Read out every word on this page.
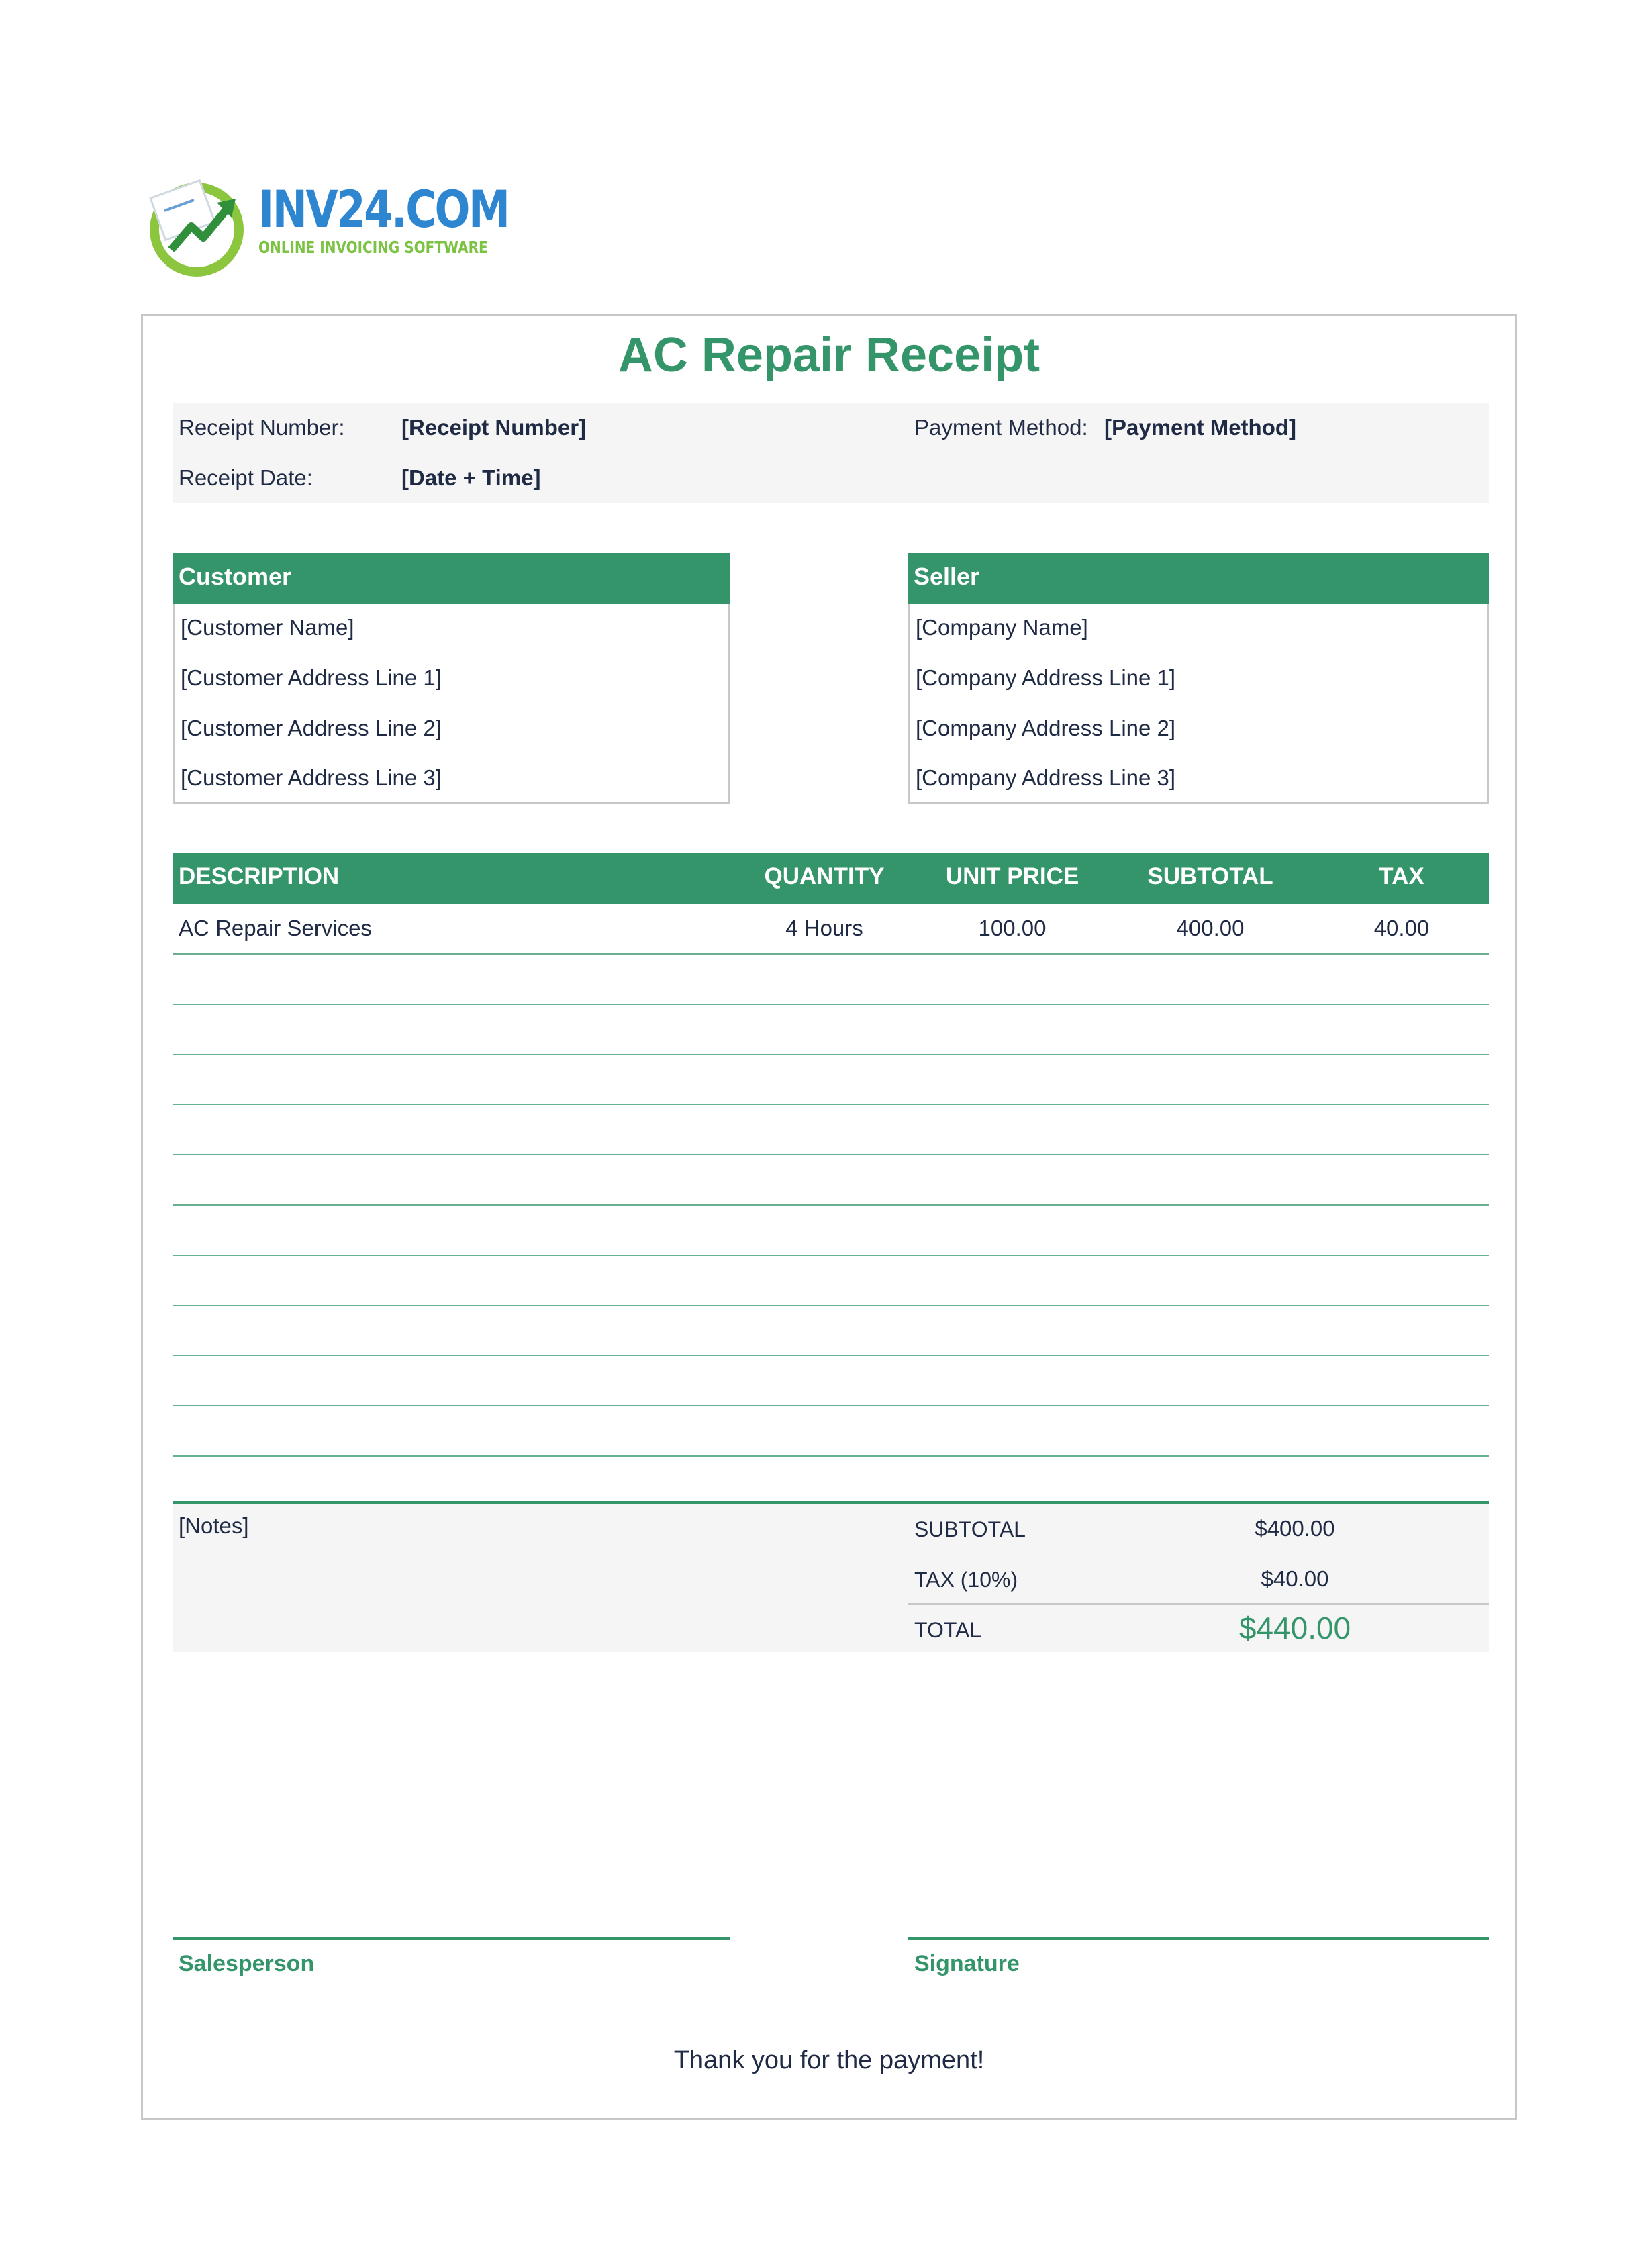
INV24.COM
ONLINE INVOICING SOFTWARE
AC Repair Receipt
Receipt Number:	[Receipt Number]
Receipt Date:	[Date + Time]
Payment Method: [Payment Method]
Customer
[Customer Name]
[Customer Address Line 1]
[Customer Address Line 2]
[Customer Address Line 3]
Seller
[Company Name]
[Company Address Line 1]
[Company Address Line 2]
[Company Address Line 3]
DESCRIPTION	QUANTITY	UNIT PRICE	SUBTOTAL	TAX
AC Repair Services	4 Hours	100.00	400.00	40.00
[Notes]	SUBTOTAL	$400.00
TAX (10%)	$40.00
TOTAL	$440.00
Salesperson	Signature
Thank you for the payment!
